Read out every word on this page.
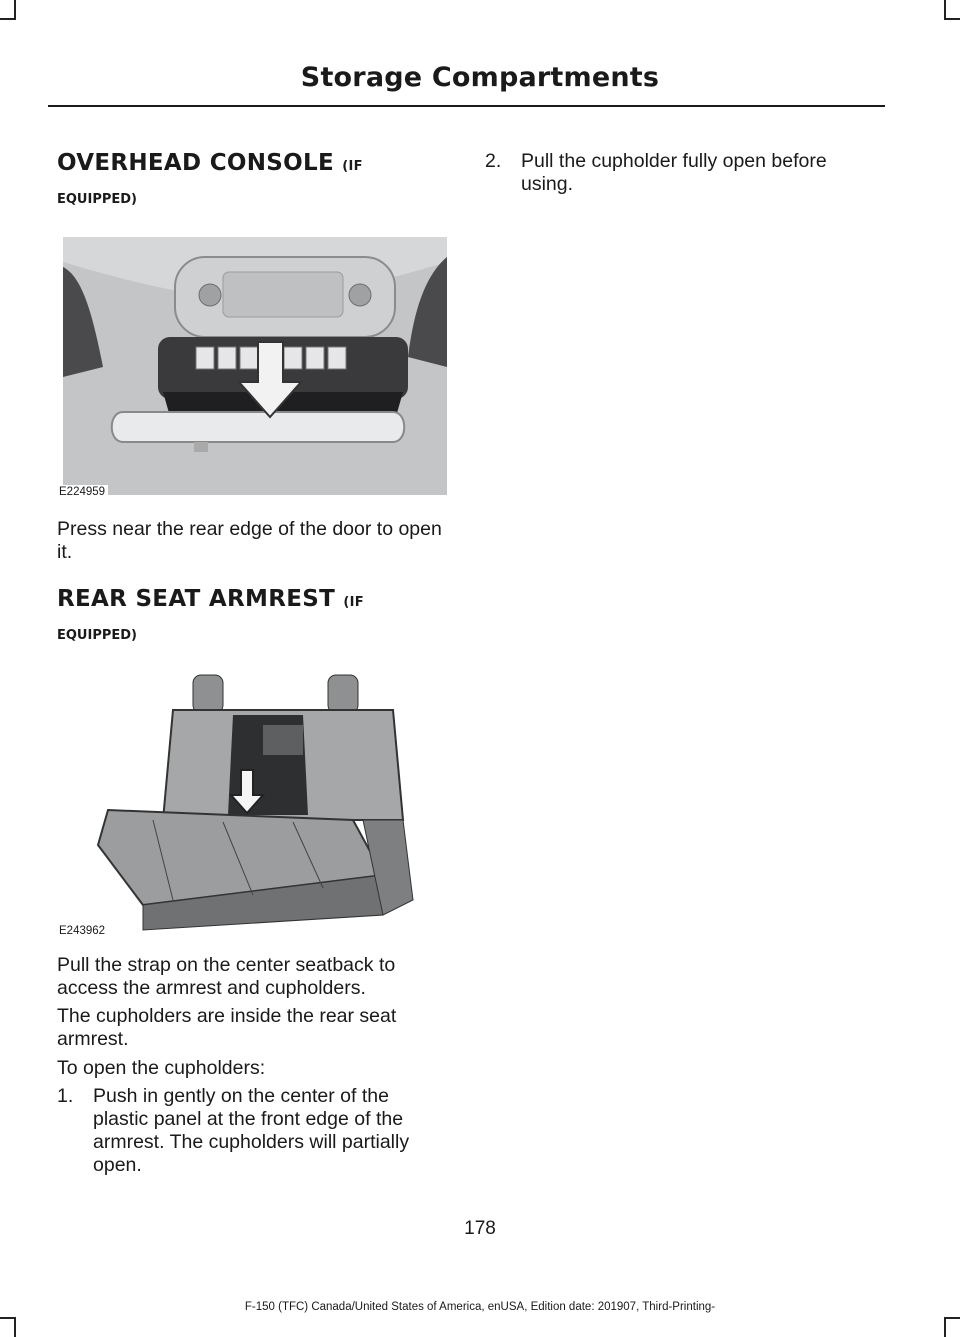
Storage Compartments
OVERHEAD CONSOLE (IF
EQUIPPED)
E224959
Press near the rear edge of the door to open it.
REAR SEAT ARMREST (IF
EQUIPPED)
E243962
Pull the strap on the center seatback to access the armrest and cupholders.
The cupholders are inside the rear seat armrest.
To open the cupholders:
1. Push in gently on the center of the
plastic panel at the front edge of the
armrest. The cupholders will partially
open.
2. Pull the cupholder fully open before
using.
178
F-150 (TFC) Canada/United States of America, enUSA, Edition date: 201907, Third-Printing-
